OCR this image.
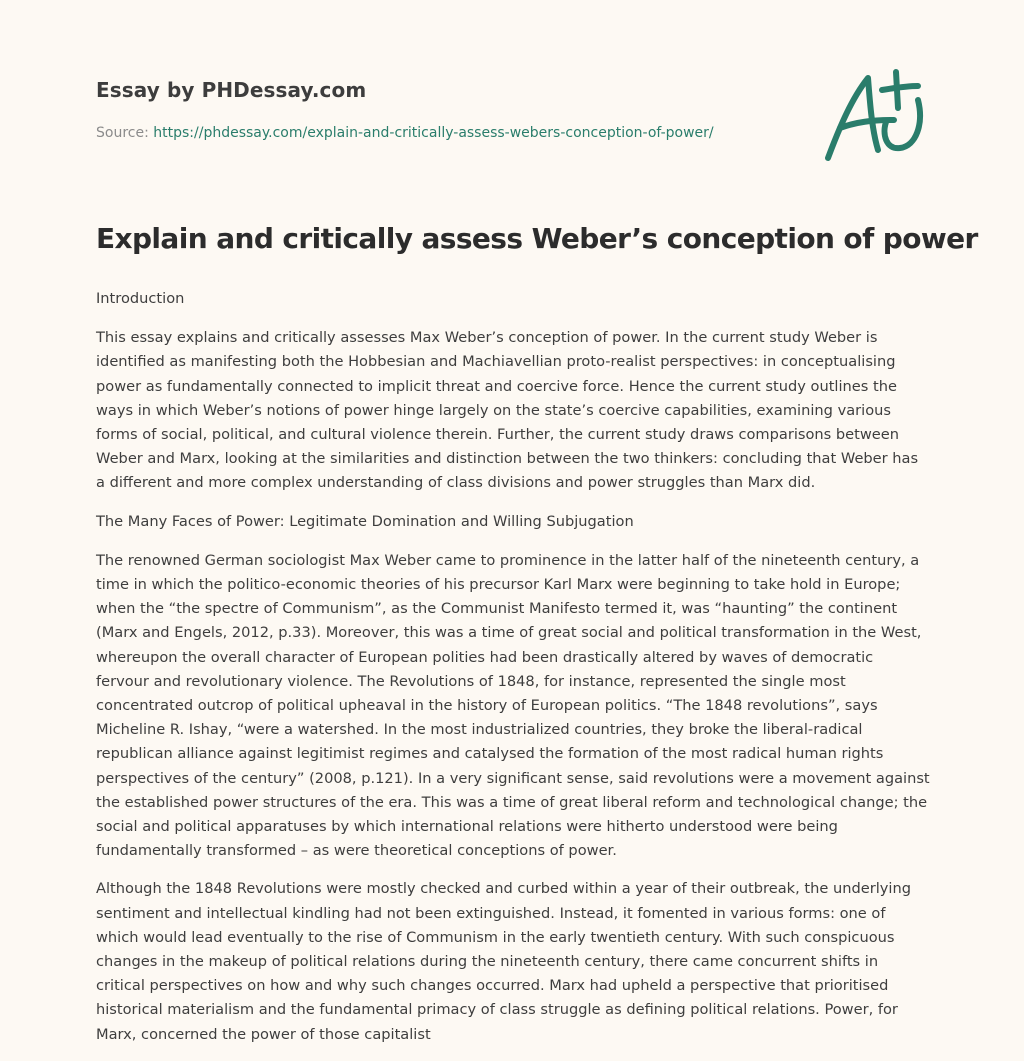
Essay by PHDessay.com
Source: https://phdessay.com/explain-and-critically-assess-webers-conception-of-power/
Explain and critically assess Weber’s conception of power

Introduction

This essay explains and critically assesses Max Weber’s conception of power. In the current study Weber is identified as manifesting both the Hobbesian and Machiavellian proto-realist perspectives: in conceptualising power as fundamentally connected to implicit threat and coercive force. Hence the current study outlines the ways in which Weber’s notions of power hinge largely on the state’s coercive capabilities, examining various forms of social, political, and cultural violence therein. Further, the current study draws comparisons between Weber and Marx, looking at the similarities and distinction between the two thinkers: concluding that Weber has a different and more complex understanding of class divisions and power struggles than Marx did.

The Many Faces of Power: Legitimate Domination and Willing Subjugation

The renowned German sociologist Max Weber came to prominence in the latter half of the nineteenth century, a time in which the politico-economic theories of his precursor Karl Marx were beginning to take hold in Europe; when the “the spectre of Communism”, as the Communist Manifesto termed it, was “haunting” the continent (Marx and Engels, 2012, p.33). Moreover, this was a time of great social and political transformation in the West, whereupon the overall character of European polities had been drastically altered by waves of democratic fervour and revolutionary violence. The Revolutions of 1848, for instance, represented the single most concentrated outcrop of political upheaval in the history of European politics. “The 1848 revolutions”, says Micheline R. Ishay, “were a watershed. In the most industrialized countries, they broke the liberal-radical republican alliance against legitimist regimes and catalysed the formation of the most radical human rights perspectives of the century” (2008, p.121). In a very significant sense, said revolutions were a movement against the established power structures of the era. This was a time of great liberal reform and technological change; the social and political apparatuses by which international relations were hitherto understood were being fundamentally transformed – as were theoretical conceptions of power.

Although the 1848 Revolutions were mostly checked and curbed within a year of their outbreak, the underlying sentiment and intellectual kindling had not been extinguished. Instead, it fomented in various forms: one of which would lead eventually to the rise of Communism in the early twentieth century. With such conspicuous changes in the makeup of political relations during the nineteenth century, there came concurrent shifts in critical perspectives on how and why such changes occurred. Marx had upheld a perspective that prioritised historical materialism and the fundamental primacy of class struggle as defining political relations. Power, for Marx, concerned the power of those capitalist
